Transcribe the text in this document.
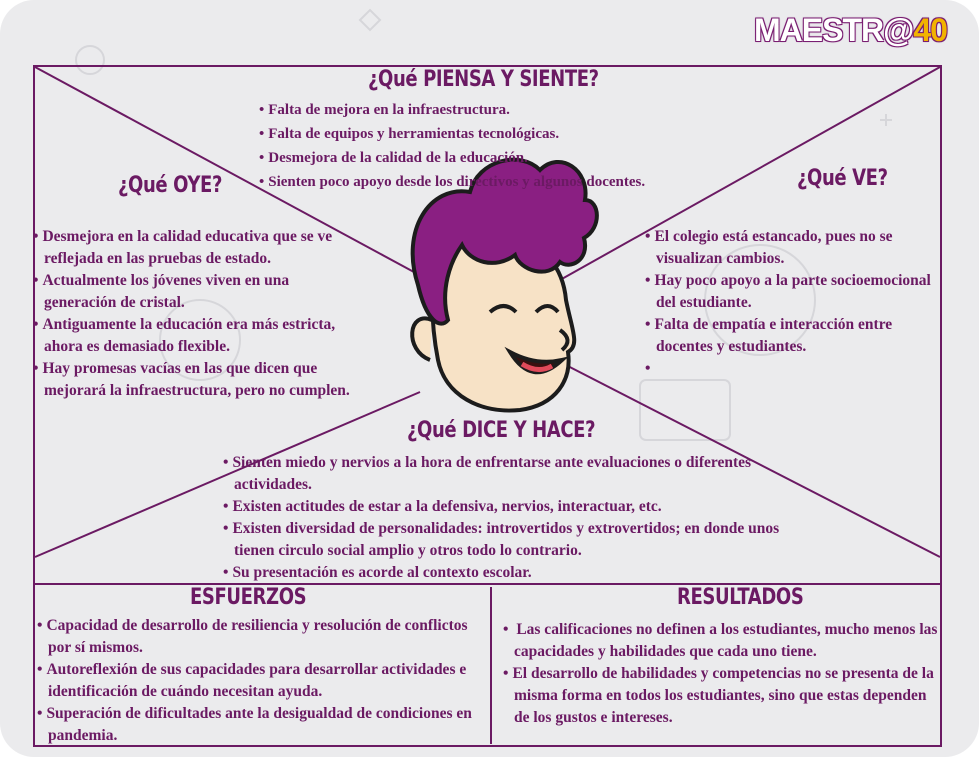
MAESTR@40
¿Qué PIENSA Y SIENTE?
• Falta de mejora en la infraestructura.
• Falta de equipos y herramientas tecnológicas.
• Desmejora de la calidad de la educación.
• Sienten poco apoyo desde los directivos y algunos docentes.
¿Qué OYE?
• Desmejora en la calidad educativa que se ve reflejada en las pruebas de estado.
• Actualmente los jóvenes viven en una generación de cristal.
• Antiguamente la educación era más estricta, ahora es demasiado flexible.
• Hay promesas vacías en las que dicen que mejorará la infraestructura, pero no cumplen.
¿Qué VE?
• El colegio está estancado, pues no se visualizan cambios.
• Hay poco apoyo a la parte socioemocional del estudiante.
• Falta de empatía e interacción entre docentes y estudiantes.
•
¿Qué DICE Y HACE?
• Sienten miedo y nervios a la hora de enfrentarse ante evaluaciones o diferentes actividades.
• Existen actitudes de estar a la defensiva, nervios, interactuar, etc.
• Existen diversidad de personalidades: introvertidos y extrovertidos; en donde unos tienen circulo social amplio y otros todo lo contrario.
• Su presentación es acorde al contexto escolar.
ESFUERZOS
• Capacidad de desarrollo de resiliencia y resolución de conflictos por sí mismos.
• Autoreflexión de sus capacidades para desarrollar actividades e identificación de cuándo necesitan ayuda.
• Superación de dificultades ante la desigualdad de condiciones en pandemia.
RESULTADOS
• Las calificaciones no definen a los estudiantes, mucho menos las capacidades y habilidades que cada uno tiene.
• El desarrollo de habilidades y competencias no se presenta de la misma forma en todos los estudiantes, sino que estas dependen de los gustos e intereses.
